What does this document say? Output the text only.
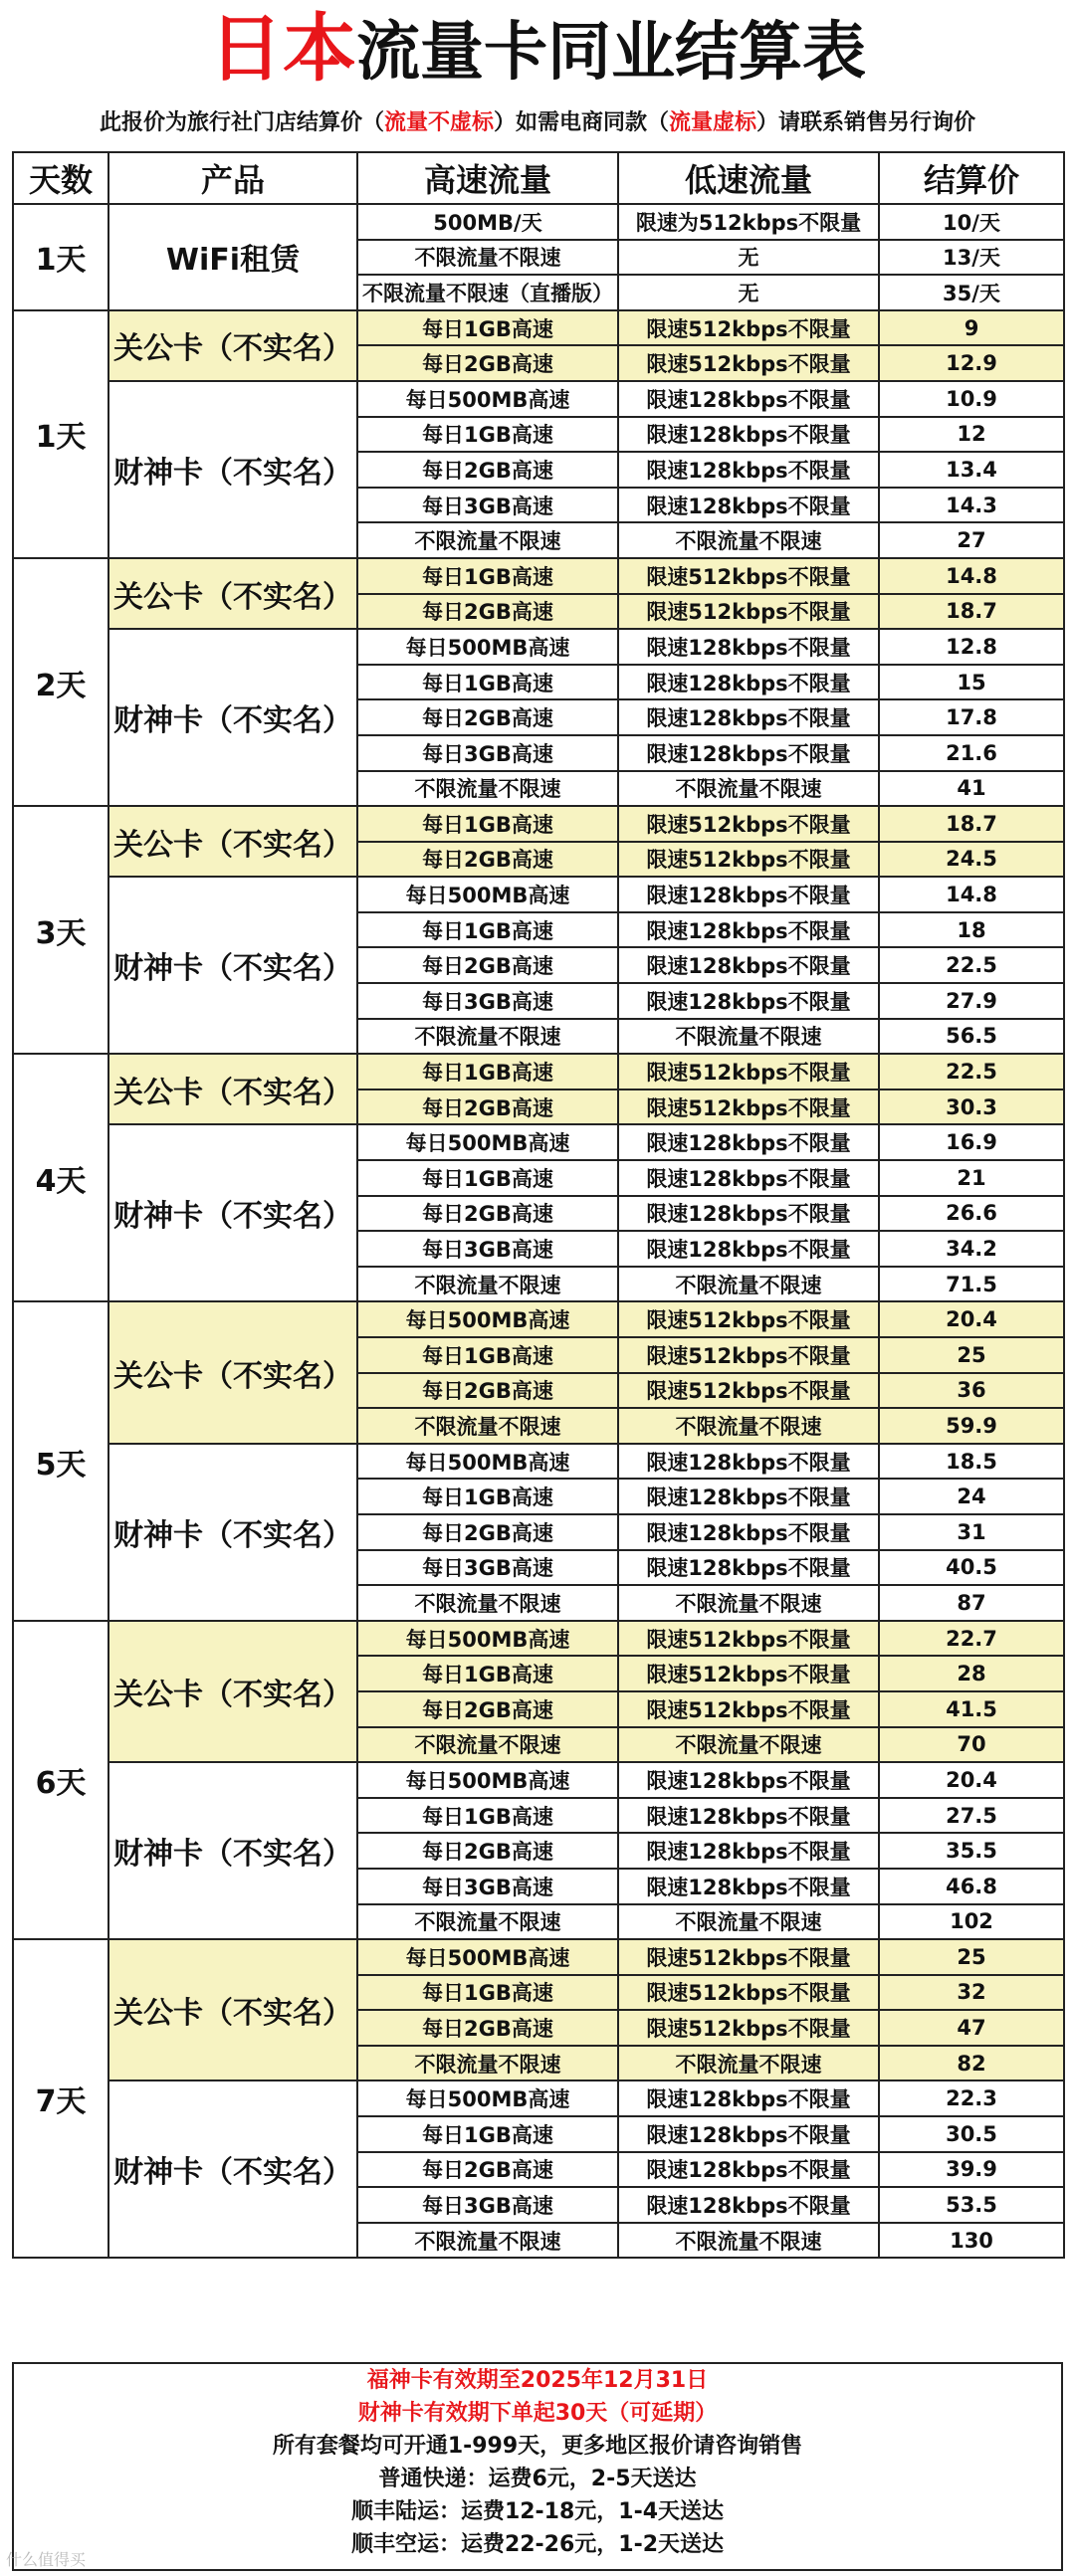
日本流量卡同业结算表
此报价为旅行社门店结算价（流量不虚标）如需电商同款（流量虚标）请联系销售另行询价
天数	产品	高速流量	低速流量	结算价
1天	WiFi租赁	500MB/天	限速为512kbps不限量	10/天
		不限流量不限速	无	13/天
		不限流量不限速（直播版）	无	35/天
1天	关公卡（不实名）	每日1GB高速	限速512kbps不限量	9
		每日2GB高速	限速512kbps不限量	12.9
	财神卡（不实名）	每日500MB高速	限速128kbps不限量	10.9
		每日1GB高速	限速128kbps不限量	12
		每日2GB高速	限速128kbps不限量	13.4
		每日3GB高速	限速128kbps不限量	14.3
		不限流量不限速	不限流量不限速	27
2天	关公卡（不实名）	每日1GB高速	限速512kbps不限量	14.8
		每日2GB高速	限速512kbps不限量	18.7
	财神卡（不实名）	每日500MB高速	限速128kbps不限量	12.8
		每日1GB高速	限速128kbps不限量	15
		每日2GB高速	限速128kbps不限量	17.8
		每日3GB高速	限速128kbps不限量	21.6
		不限流量不限速	不限流量不限速	41
3天	关公卡（不实名）	每日1GB高速	限速512kbps不限量	18.7
		每日2GB高速	限速512kbps不限量	24.5
	财神卡（不实名）	每日500MB高速	限速128kbps不限量	14.8
		每日1GB高速	限速128kbps不限量	18
		每日2GB高速	限速128kbps不限量	22.5
		每日3GB高速	限速128kbps不限量	27.9
		不限流量不限速	不限流量不限速	56.5
4天	关公卡（不实名）	每日1GB高速	限速512kbps不限量	22.5
		每日2GB高速	限速512kbps不限量	30.3
	财神卡（不实名）	每日500MB高速	限速128kbps不限量	16.9
		每日1GB高速	限速128kbps不限量	21
		每日2GB高速	限速128kbps不限量	26.6
		每日3GB高速	限速128kbps不限量	34.2
		不限流量不限速	不限流量不限速	71.5
5天	关公卡（不实名）	每日500MB高速	限速512kbps不限量	20.4
		每日1GB高速	限速512kbps不限量	25
		每日2GB高速	限速512kbps不限量	36
		不限流量不限速	不限流量不限速	59.9
	财神卡（不实名）	每日500MB高速	限速128kbps不限量	18.5
		每日1GB高速	限速128kbps不限量	24
		每日2GB高速	限速128kbps不限量	31
		每日3GB高速	限速128kbps不限量	40.5
		不限流量不限速	不限流量不限速	87
6天	关公卡（不实名）	每日500MB高速	限速512kbps不限量	22.7
		每日1GB高速	限速512kbps不限量	28
		每日2GB高速	限速512kbps不限量	41.5
		不限流量不限速	不限流量不限速	70
	财神卡（不实名）	每日500MB高速	限速128kbps不限量	20.4
		每日1GB高速	限速128kbps不限量	27.5
		每日2GB高速	限速128kbps不限量	35.5
		每日3GB高速	限速128kbps不限量	46.8
		不限流量不限速	不限流量不限速	102
7天	关公卡（不实名）	每日500MB高速	限速512kbps不限量	25
		每日1GB高速	限速512kbps不限量	32
		每日2GB高速	限速512kbps不限量	47
		不限流量不限速	不限流量不限速	82
	财神卡（不实名）	每日500MB高速	限速128kbps不限量	22.3
		每日1GB高速	限速128kbps不限量	30.5
		每日2GB高速	限速128kbps不限量	39.9
		每日3GB高速	限速128kbps不限量	53.5
		不限流量不限速	不限流量不限速	130
福神卡有效期至2025年12月31日
财神卡有效期下单起30天（可延期）
所有套餐均可开通1-999天，更多地区报价请咨询销售
普通快递：运费6元，2-5天送达
顺丰陆运：运费12-18元，1-4天送达
顺丰空运：运费22-26元，1-2天送达
什么值得买
